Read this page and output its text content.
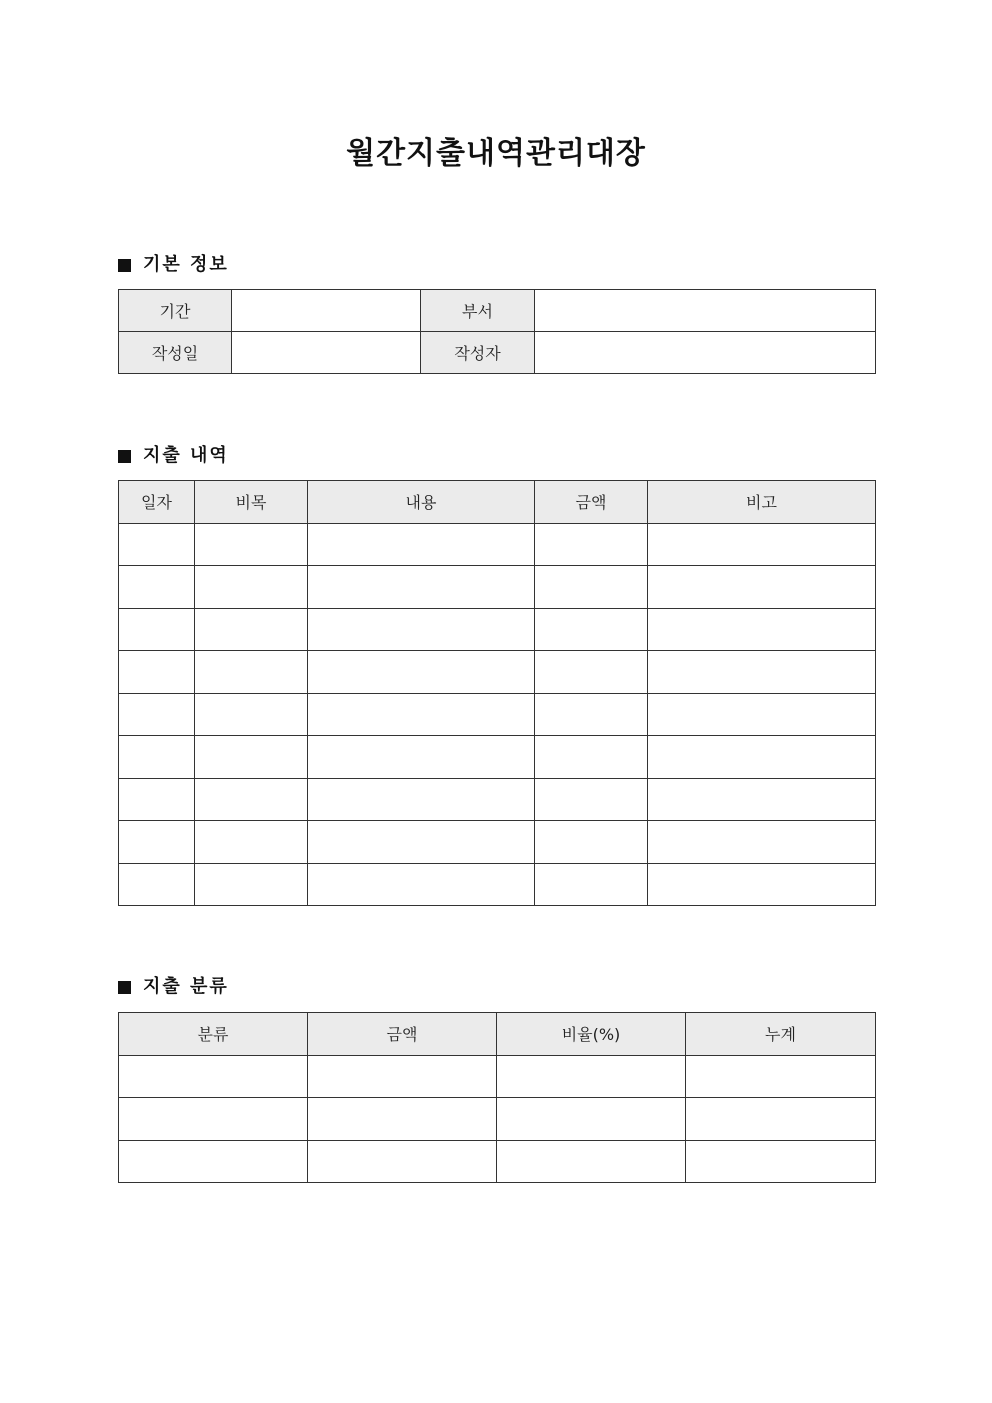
월간지출내역관리대장
기본 정보
기간		부서	
작성일		작성자	
지출 내역
일자	비목	내용	금액	비고

지출 분류
분류	금액	비율(%)	누계
